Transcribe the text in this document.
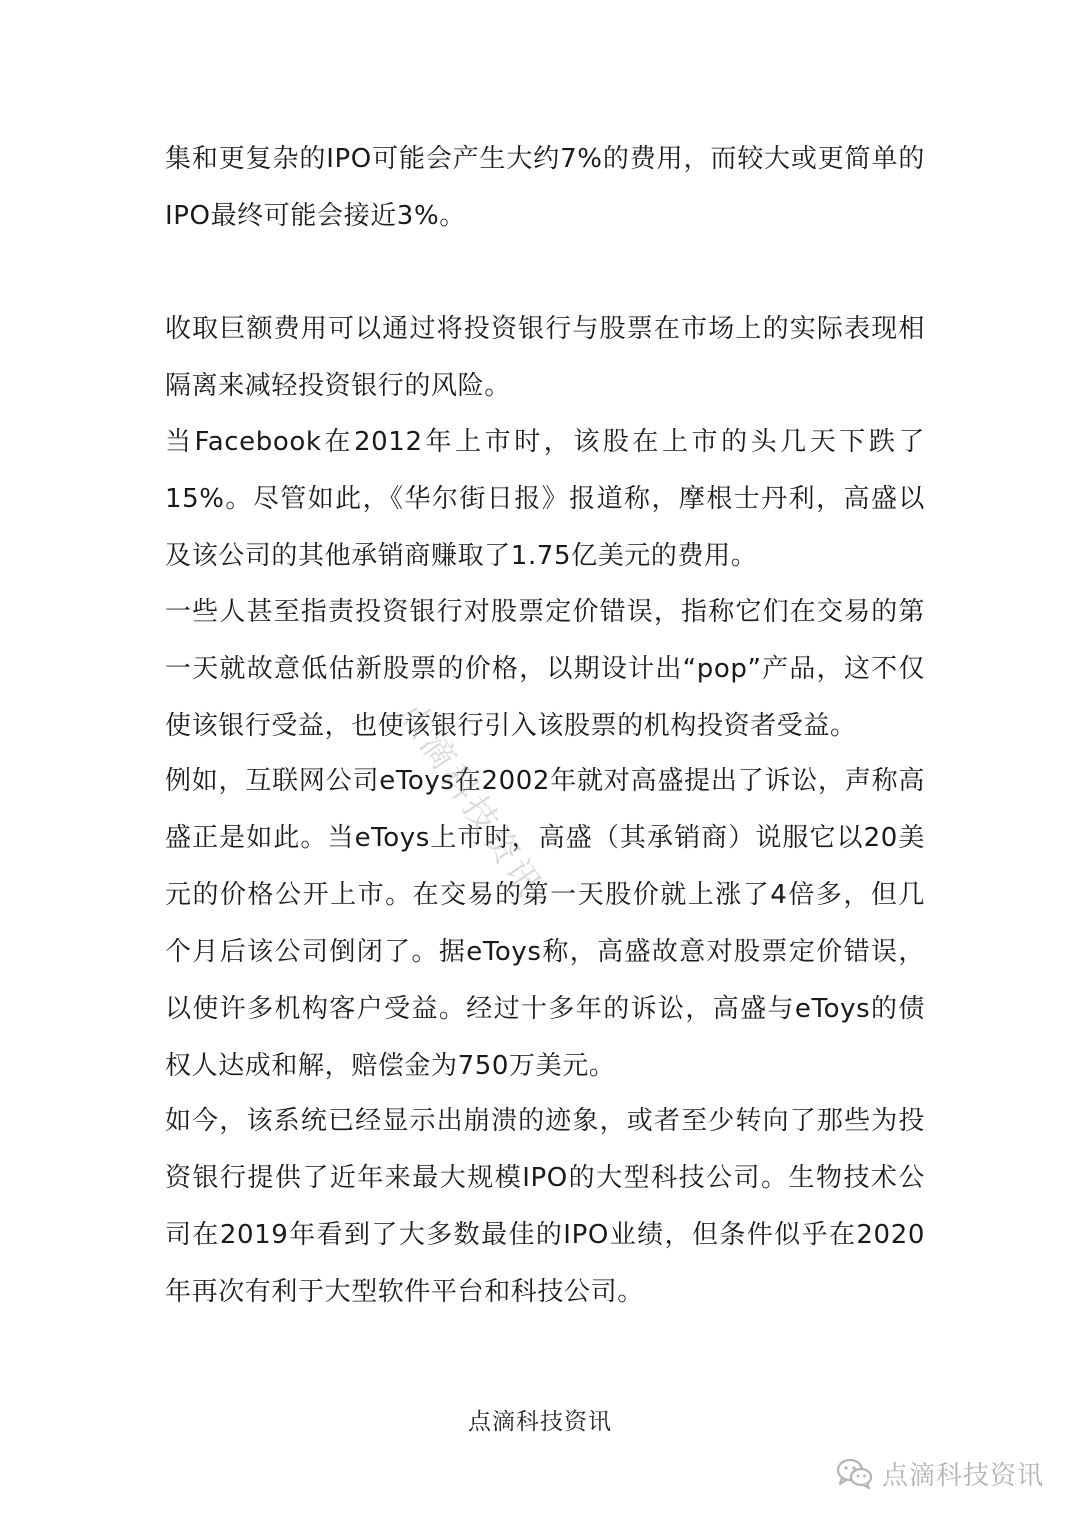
集和更复杂的IPO可能会产生大约7%的费用，而较大或更简单的IPO最终可能会接近3%。

收取巨额费用可以通过将投资银行与股票在市场上的实际表现相隔离来减轻投资银行的风险。

当Facebook在2012年上市时，该股在上市的头几天下跌了15%。尽管如此，《华尔街日报》报道称，摩根士丹利，高盛以及该公司的其他承销商赚取了1.75亿美元的费用。

一些人甚至指责投资银行对股票定价错误，指称它们在交易的第一天就故意低估新股票的价格，以期设计出“pop”产品，这不仅使该银行受益，也使该银行引入该股票的机构投资者受益。

例如，互联网公司eToys在2002年就对高盛提出了诉讼，声称高盛正是如此。当eToys上市时，高盛（其承销商）说服它以20美元的价格公开上市。在交易的第一天股价就上涨了4倍多，但几个月后该公司倒闭了。据eToys称，高盛故意对股票定价错误，以使许多机构客户受益。经过十多年的诉讼，高盛与eToys的债权人达成和解，赔偿金为750万美元。

如今，该系统已经显示出崩溃的迹象，或者至少转向了那些为投资银行提供了近年来最大规模IPO的大型科技公司。生物技术公司在2019年看到了大多数最佳的IPO业绩，但条件似乎在2020年再次有利于大型软件平台和科技公司。

点滴科技资讯
点滴科技资讯
点滴科技资讯
